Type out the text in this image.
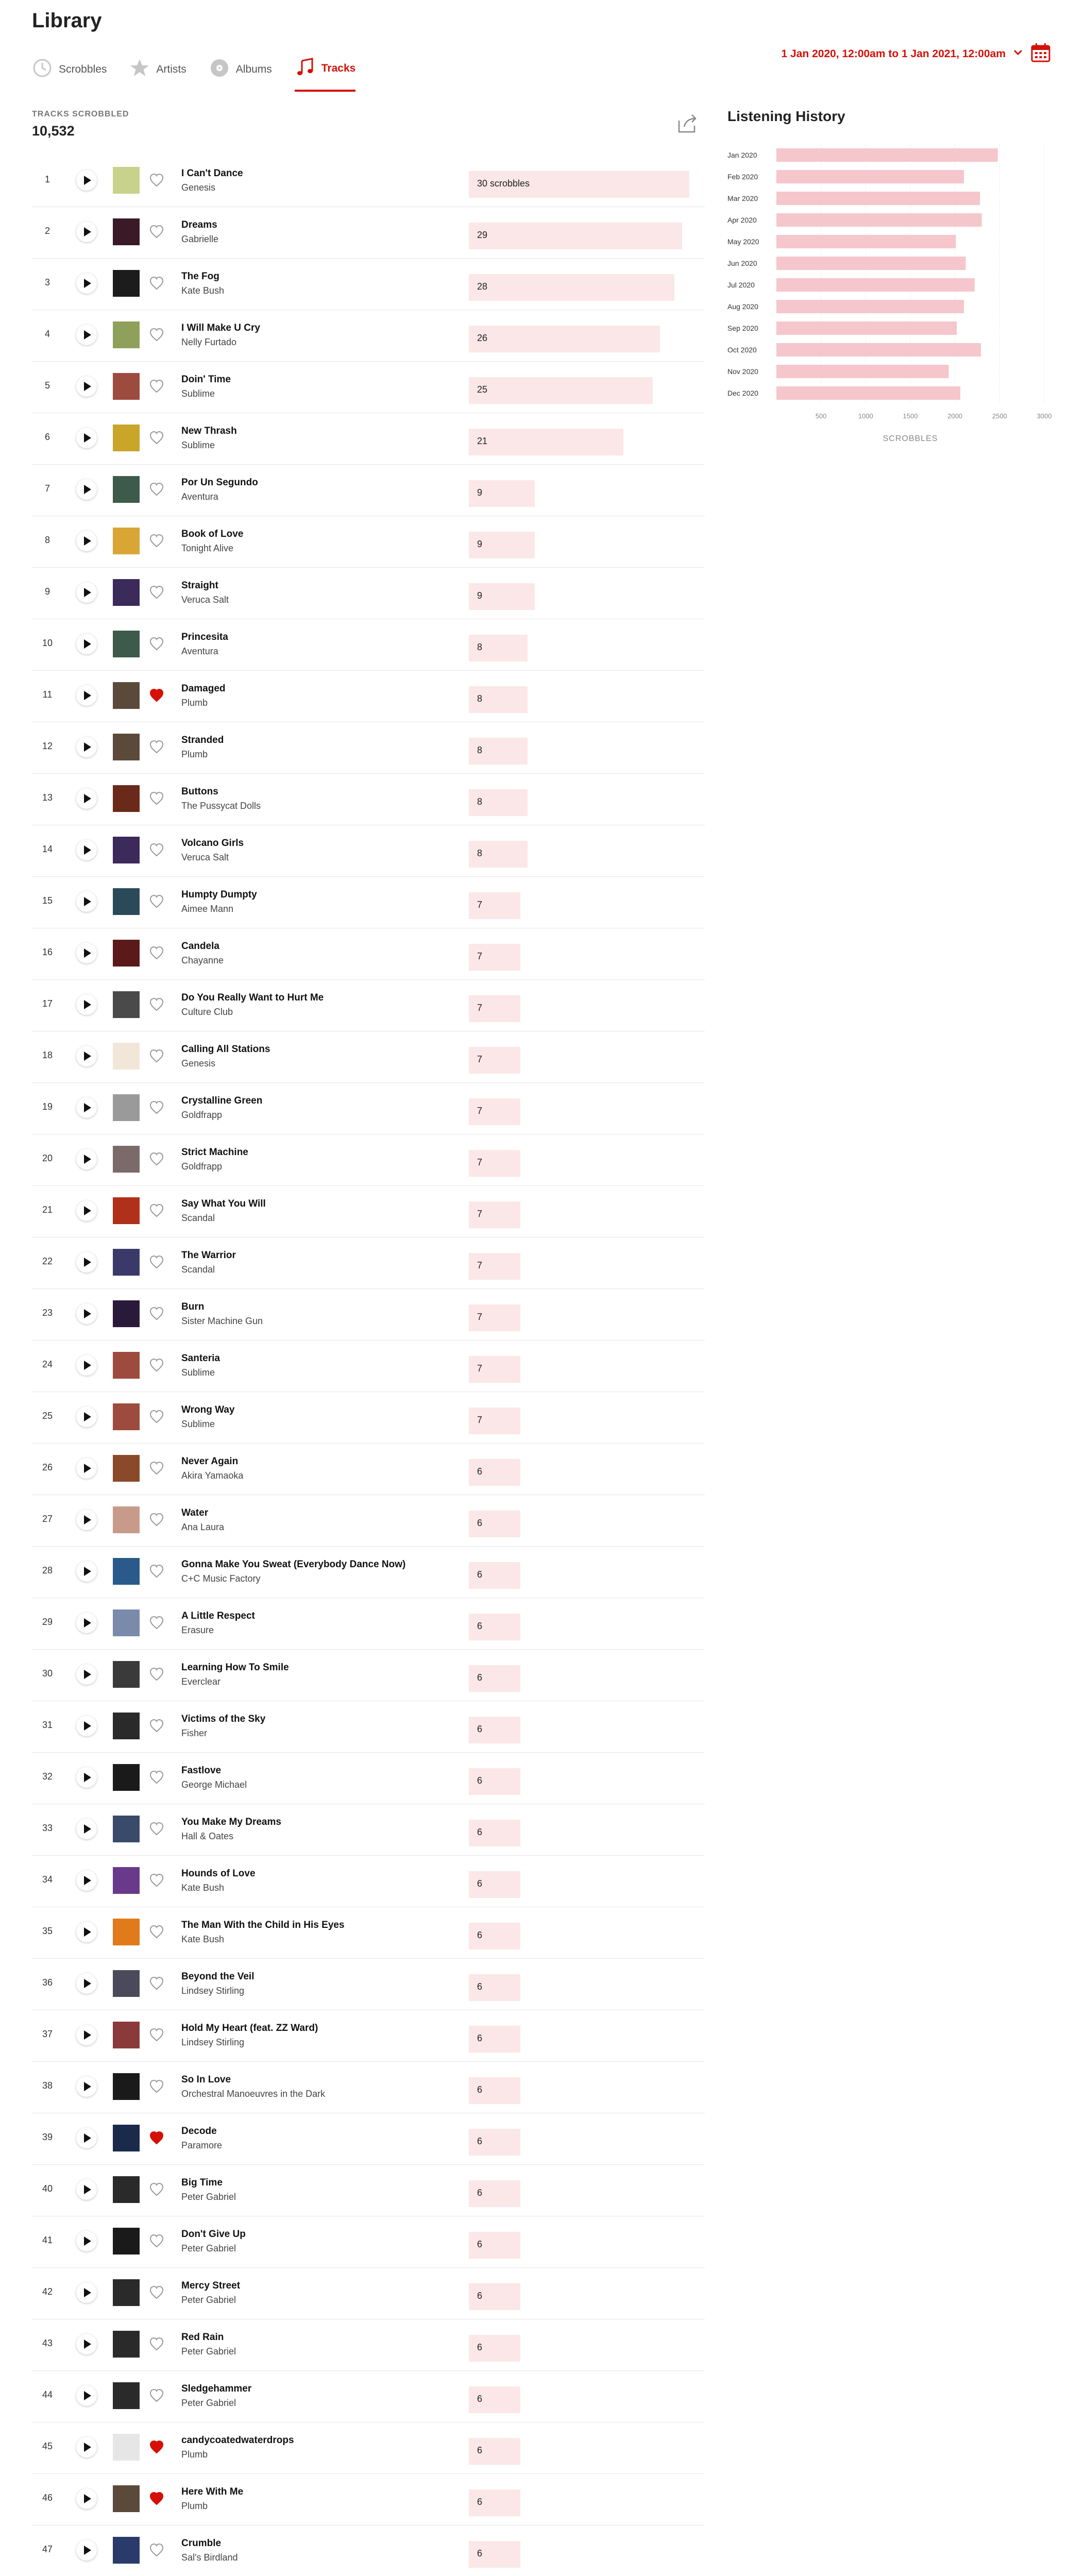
Library
Scrobbles	Artists	Albums	Tracks
1 Jan 2020, 12:00am to 1 Jan 2021, 12:00am
TRACKS SCROBBLED
10,532
1
I Can't Dance
Genesis	30 scrobbles
2
Dreams
Gabrielle	29
3
The Fog
Kate Bush	28
4
I Will Make U Cry
Nelly Furtado	26
5
Doin' Time
Sublime	25
6
New Thrash
Sublime	21
7
Por Un Segundo
Aventura	9
8
Book of Love
Tonight Alive	9
9
Straight
Veruca Salt	9
10
Princesita
Aventura	8
11
Damaged
Plumb	8
12
Stranded
Plumb	8
13
Buttons
The Pussycat Dolls	8
14
Volcano Girls
Veruca Salt	8
15
Humpty Dumpty
Aimee Mann	7
16
Candela
Chayanne	7
17
Do You Really Want to Hurt Me
Culture Club	7
18
Calling All Stations
Genesis	7
19
Crystalline Green
Goldfrapp	7
20
Strict Machine
Goldfrapp	7
21
Say What You Will
Scandal	7
22
The Warrior
Scandal	7
23
Burn
Sister Machine Gun	7
24
Santeria
Sublime	7
25
Wrong Way
Sublime	7
26
Never Again
Akira Yamaoka	6
27
Water
Ana Laura	6
28
Gonna Make You Sweat (Everybody Dance Now)
C+C Music Factory	6
29
A Little Respect
Erasure	6
30
Learning How To Smile
Everclear	6
31
Victims of the Sky
Fisher	6
32
Fastlove
George Michael	6
33
You Make My Dreams
Hall & Oates	6
34
Hounds of Love
Kate Bush	6
35
The Man With the Child in His Eyes
Kate Bush	6
36
Beyond the Veil
Lindsey Stirling	6
37
Hold My Heart (feat. ZZ Ward)
Lindsey Stirling	6
38
So In Love
Orchestral Manoeuvres in the Dark	6
39
Decode
Paramore	6
40
Big Time
Peter Gabriel	6
41
Don't Give Up
Peter Gabriel	6
42
Mercy Street
Peter Gabriel	6
43
Red Rain
Peter Gabriel	6
44
Sledgehammer
Peter Gabriel	6
45
candycoatedwaterdrops
Plumb	6
46
Here With Me
Plumb	6
47
Crumble
Sal's Birdland	6
Listening History
500	1000	1500	2000	2500	3000
Jan 2020
Feb 2020
Mar 2020
Apr 2020
May 2020
Jun 2020
Jul 2020
Aug 2020
Sep 2020
Oct 2020
Nov 2020
Dec 2020
SCROBBLES
